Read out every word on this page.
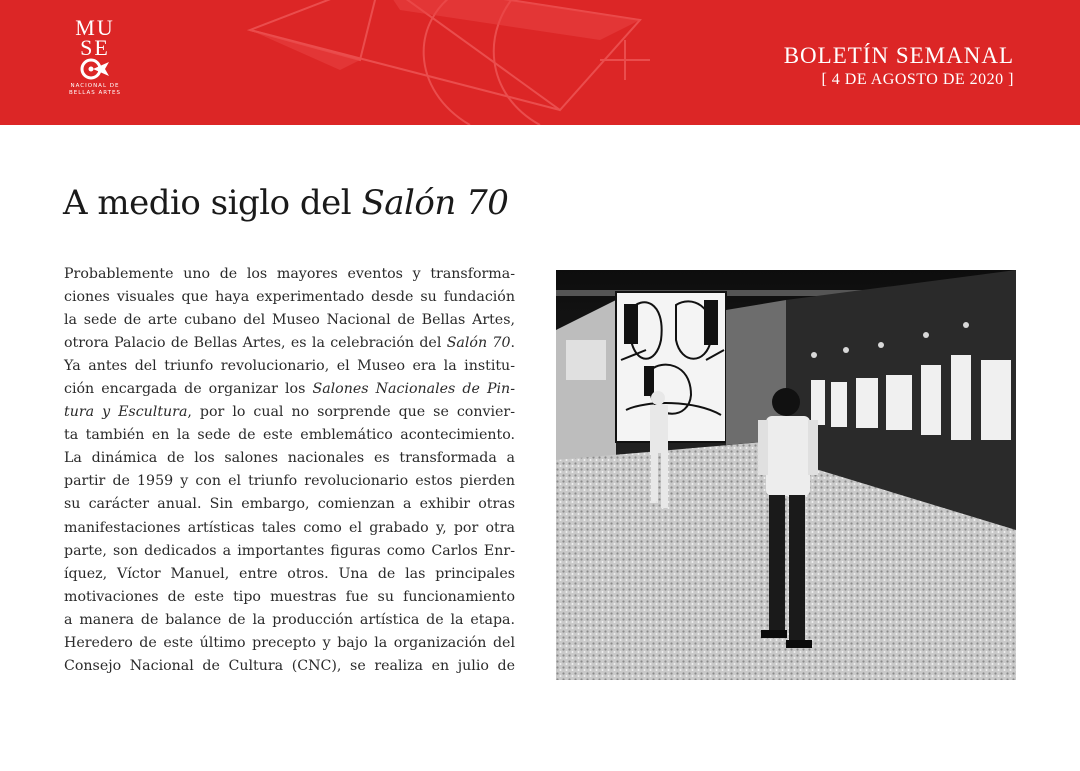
MU
SE
NACIONAL DE BELLAS ARTES
BOLETÍN SEMANAL
[ 4 DE AGOSTO DE 2020 ]
A medio siglo del Salón 70
Probablemente uno de los mayores eventos y transforma-
ciones visuales que haya experimentado desde su fundación
la sede de arte cubano del Museo Nacional de Bellas Artes,
otrora Palacio de Bellas Artes, es la celebración del Salón 70.
Ya antes del triunfo revolucionario, el Museo era la institu-
ción encargada de organizar los Salones Nacionales de Pin-
tura y Escultura, por lo cual no sorprende que se convier-
ta también en la sede de este emblemático acontecimiento.
La dinámica de los salones nacionales es transformada a
partir de 1959 y con el triunfo revolucionario estos pierden
su carácter anual. Sin embargo, comienzan a exhibir otras
manifestaciones artísticas tales como el grabado y, por otra
parte, son dedicados a importantes figuras como Carlos Enr-
íquez, Víctor Manuel, entre otros. Una de las principales
motivaciones de este tipo muestras fue su funcionamiento
a manera de balance de la producción artística de la etapa.
Heredero de este último precepto y bajo la organización del
Consejo Nacional de Cultura (CNC), se realiza en julio de
